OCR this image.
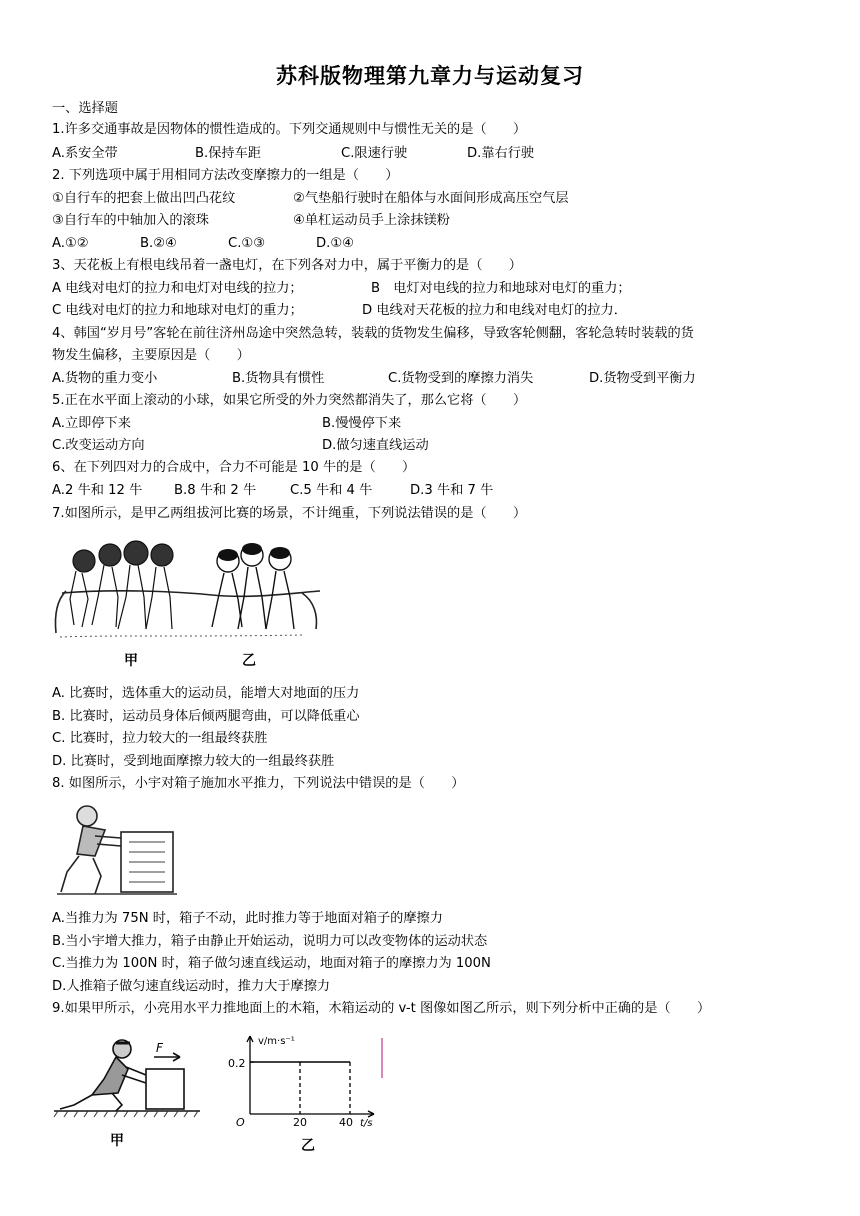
苏科版物理第九章力与运动复习
一、选择题
1.许多交通事故是因物体的惯性造成的。下列交通规则中与惯性无关的是（　　）
A.系安全带	B.保持车距	C.限速行驶	D.靠右行驶
2. 下列选项中属于用相同方法改变摩擦力的一组是（　　）
①自行车的把套上做出凹凸花纹	②气垫船行驶时在船体与水面间形成高压空气层
③自行车的中轴加入的滚珠	④单杠运动员手上涂抹镁粉
A.①②	B.②④	C.①③	D.①④
3、天花板上有根电线吊着一盏电灯，在下列各对力中，属于平衡力的是（　　）
A 电线对电灯的拉力和电灯对电线的拉力；	B　电灯对电线的拉力和地球对电灯的重力；
C 电线对电灯的拉力和地球对电灯的重力；	D 电线对天花板的拉力和电线对电灯的拉力．
4、韩国“岁月号”客轮在前往济州岛途中突然急转，装载的货物发生偏移，导致客轮侧翻，客轮急转时装载的货
物发生偏移，主要原因是（　　）
A.货物的重力变小	B.货物具有惯性	C.货物受到的摩擦力消失	D.货物受到平衡力
5.正在水平面上滚动的小球，如果它所受的外力突然都消失了，那么它将（　　）
A.立即停下来	B.慢慢停下来
C.改变运动方向	D.做匀速直线运动
6、在下列四对力的合成中，合力不可能是 10 牛的是（　　）
A.2 牛和 12 牛 B.8 牛和 2 牛	C.5 牛和 4 牛	D.3 牛和 7 牛
7.如图所示，是甲乙两组拔河比赛的场景，不计绳重，下列说法错误的是（　　）
甲	乙
A. 比赛时，选体重大的运动员，能增大对地面的压力
B. 比赛时，运动员身体后倾两腿弯曲，可以降低重心
C. 比赛时，拉力较大的一组最终获胜
D. 比赛时，受到地面摩擦力较大的一组最终获胜
8. 如图所示，小宇对箱子施加水平推力，下列说法中错误的是（　　）
A.当推力为 75N 时，箱子不动，此时推力等于地面对箱子的摩擦力
B.当小宇增大推力，箱子由静止开始运动，说明力可以改变物体的运动状态
C.当推力为 100N 时，箱子做匀速直线运动，地面对箱子的摩擦力为 100N
D.人推箱子做匀速直线运动时，推力大于摩擦力
9.如果甲所示，小亮用水平力推地面上的木箱，木箱运动的 v-t 图像如图乙所示，则下列分析中正确的是（　　）
F
甲
v/m·s⁻¹
t/s
O
0.2
20	40
乙
